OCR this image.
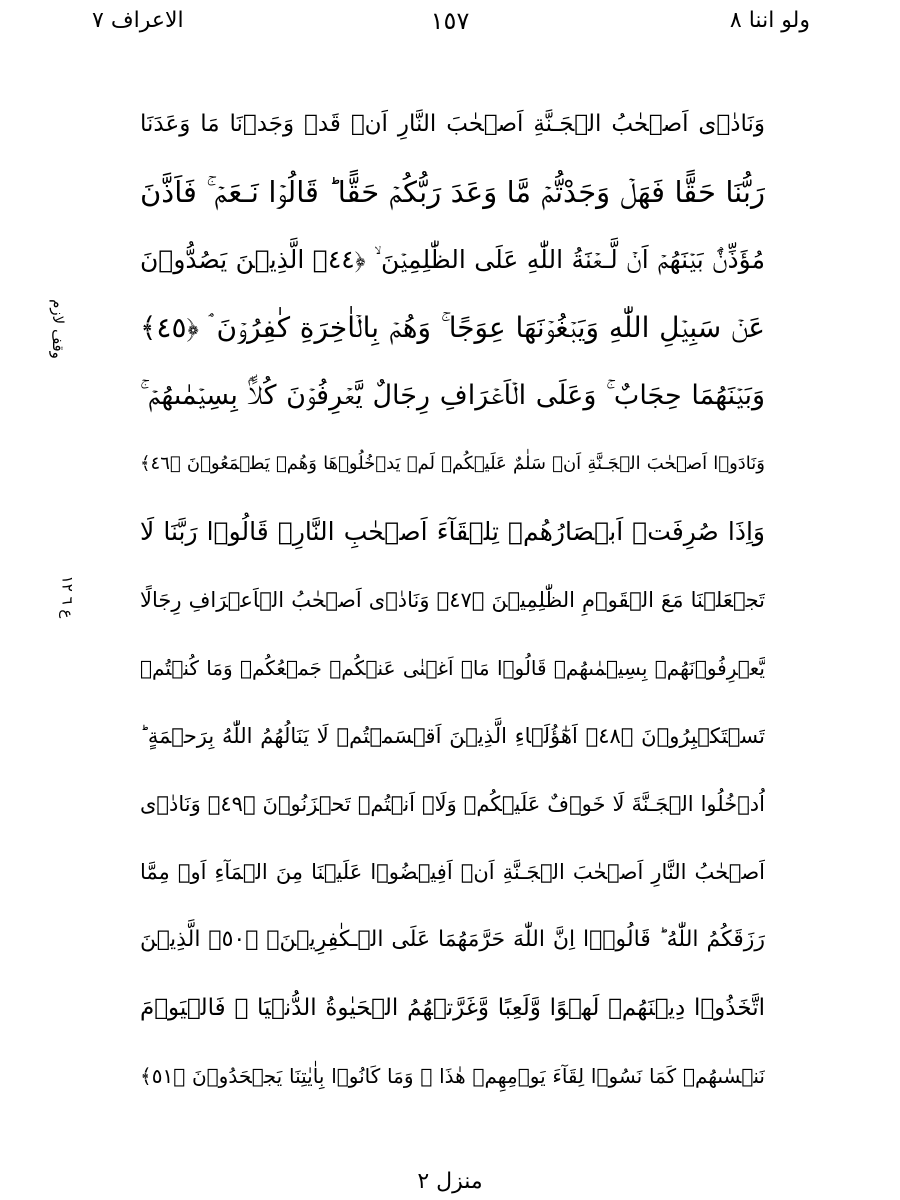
ولو اننا ٨
١٥٧
الاعراف ٧
وقف لازم
ع ٦ ١٢
وَنَادٰۤى اَصۡحٰبُ الۡجَـنَّةِ اَصۡحٰبَ النَّارِ اَنۡ قَدۡ وَجَدۡنَا مَا وَعَدَنَا
رَبُّنَا حَقًّا فَهَلۡ وَجَدْتُّمۡ مَّا وَعَدَ رَبُّكُمۡ حَقًّا ؕ قَالُوۡا نَـعَمۡ‌ ۚ فَاَذَّنَ
مُؤَذِّنٌۢ بَيۡنَهُمۡ اَنۡ لَّـعۡنَةُ اللّٰهِ عَلَى الظّٰلِمِيۡنَ ۙ‏ ﴿٤٤﴾ الَّذِيۡنَ يَصُدُّوۡنَ
عَنۡ سَبِيۡلِ اللّٰهِ وَيَبۡغُوۡنَهَا عِوَجًا ۚ وَهُمۡ بِالۡاٰخِرَةِ كٰفِرُوۡنَ‌ ۘ‏ ﴿٤٥﴾
وَبَيۡنَهُمَا حِجَابٌ‌ ۚ وَعَلَى الۡاَعۡرَافِ رِجَالٌ يَّعۡرِفُوۡنَ كُلًّاۢ بِسِيۡمٰٮهُمۡ‌ ۚ
وَنَادَوۡا اَصۡحٰبَ الۡجَـنَّةِ اَنۡ سَلٰمٌ عَلَيۡكُمۡ‌ لَمۡ يَدۡخُلُوۡهَا وَهُمۡ يَطۡمَعُوۡنَ‏ ﴿٤٦﴾
وَاِذَا صُرِفَتۡ اَبۡصَارُهُمۡ تِلۡقَآءَ اَصۡحٰبِ النَّارِۙ قَالُوۡا رَبَّنَا لَا
تَجۡعَلۡنَا مَعَ الۡقَوۡمِ الظّٰلِمِيۡنَ ﴿٤٧﴾ وَنَادٰۤى اَصۡحٰبُ الۡاَعۡرَافِ رِجَالًا
يَّعۡرِفُوۡنَهُمۡ بِسِيۡمٰٮهُمۡ قَالُوۡا مَاۤ اَغۡنٰى عَنۡكُمۡ جَمۡعُكُمۡ وَمَا كُنۡتُمۡ
تَسۡتَكۡبِرُوۡنَ‏ ﴿٤٨﴾ اَهٰٓؤُلَۤاءِ الَّذِيۡنَ اَقۡسَمۡتُمۡ لَا يَنَالُهُمُ اللّٰهُ بِرَحۡمَةٍ‌ ؕ
اُدۡخُلُوا الۡجَـنَّةَ لَا خَوۡفٌ عَلَيۡكُمۡ وَلَاۤ اَنۡتُمۡ تَحۡزَنُوۡنَ‏ ﴿٤٩﴾ وَنَادٰۤى
اَصۡحٰبُ النَّارِ اَصۡحٰبَ الۡجَـنَّةِ اَنۡ اَفِيۡضُوۡا عَلَيۡنَا مِنَ الۡمَآءِ اَوۡ مِمَّا
رَزَقَكُمُ اللّٰهُ‌ ؕ قَالُوۡۤا اِنَّ اللّٰهَ حَرَّمَهُمَا عَلَى الۡـكٰفِرِيۡنَۙ‏ ﴿٥٠﴾ الَّذِيۡنَ
اتَّخَذُوۡا دِيۡنَهُمۡ لَهۡوًا وَّلَعِبًا وَّغَرَّتۡهُمُ الۡحَيٰوةُ الدُّنۡيَا‌ ۚ فَالۡيَوۡمَ
نَنۡسٰٮهُمۡ كَمَا نَسُوۡا لِقَآءَ يَوۡمِهِمۡ هٰذَا ۙ وَمَا كَانُوۡا بِاٰيٰتِنَا يَجۡحَدُوۡنَ‏ ﴿٥١﴾
منزل ٢
